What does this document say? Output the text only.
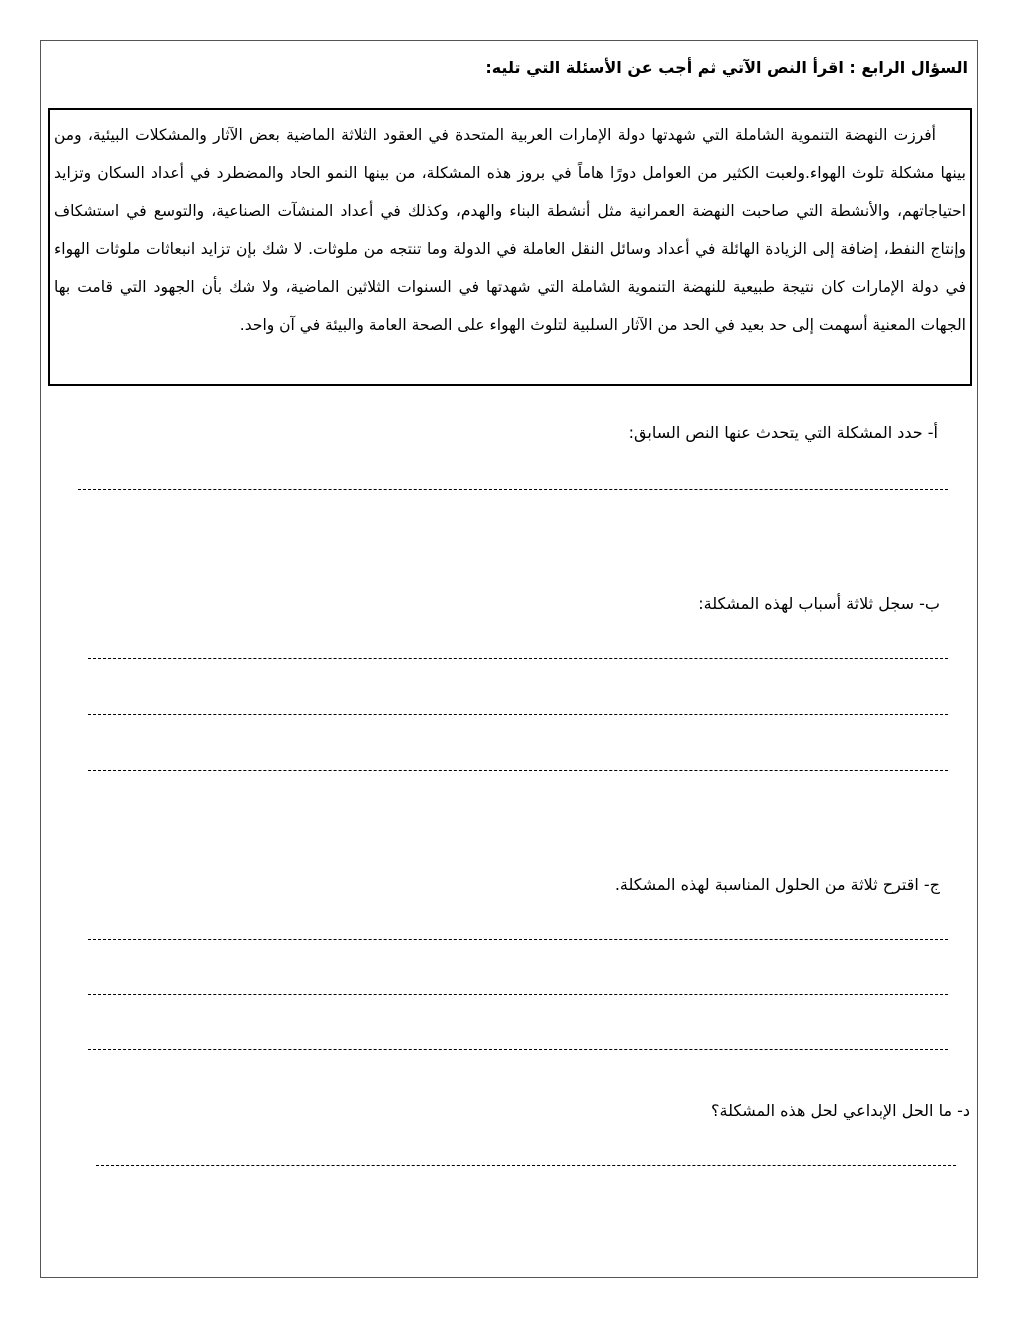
السؤال الرابع : اقرأ النص الآتي ثم أجب عن الأسئلة التي تليه:

أفرزت النهضة التنموية الشاملة التي شهدتها دولة الإمارات العربية المتحدة في العقود الثلاثة الماضية بعض الآثار والمشكلات البيئية، ومن بينها مشكلة تلوث الهواء.ولعبت الكثير من العوامل دورًا هاماً في بروز هذه المشكلة، من بينها النمو الحاد والمضطرد في أعداد السكان وتزايد احتياجاتهم، والأنشطة التي صاحبت النهضة العمرانية مثل أنشطة البناء والهدم، وكذلك في أعداد المنشآت الصناعية، والتوسع في استشكاف وإنتاج النفط، إضافة إلى الزيادة الهائلة في أعداد وسائل النقل العاملة في الدولة وما تنتجه من ملوثات. لا شك بإن تزايد انبعاثات ملوثات الهواء في دولة الإمارات كان نتيجة طبيعية للنهضة التنموية الشاملة التي شهدتها في السنوات الثلاثين الماضية، ولا شك بأن الجهود التي قامت بها الجهات المعنية أسهمت إلى حد بعيد في الحد من الآثار السلبية لتلوث الهواء على الصحة العامة والبيئة في آن واحد.

أ- حدد المشكلة التي يتحدث عنها النص السابق:
ب- سجل ثلاثة أسباب لهذه المشكلة:
ج- اقترح ثلاثة من الحلول المناسبة لهذه المشكلة.
د- ما الحل الإبداعي لحل هذه المشكلة؟
